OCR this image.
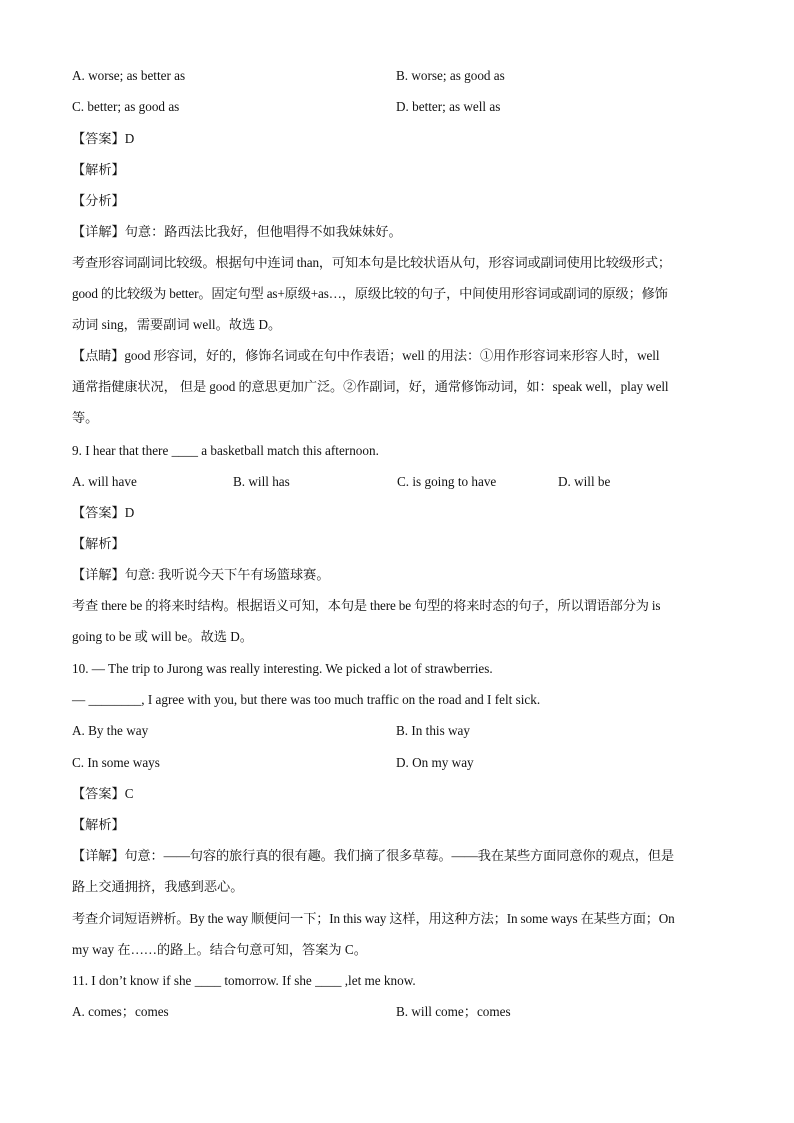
A. worse; as better as	B. worse; as good as
C. better; as good as	D. better; as well as
【答案】D
【解析】
【分析】
【详解】句意：路西法比我好，但他唱得不如我妹妹好。
考查形容词副词比较级。根据句中连词 than，可知本句是比较状语从句，形容词或副词使用比较级形式；
good 的比较级为 better。固定句型 as+原级+as…，原级比较的句子，中间使用形容词或副词的原级；修饰
动词 sing，需要副词 well。故选 D。
【点睛】good 形容词，好的，修饰名词或在句中作表语；well 的用法：①用作形容词来形容人时，well
通常指健康状况， 但是 good 的意思更加广泛。②作副词，好，通常修饰动词，如：speak well，play well
等。
9. I hear that there ____ a basketball match this afternoon.
A. will have	B. will has	C. is going to have	D. will be
【答案】D
【解析】
【详解】句意: 我听说今天下午有场篮球赛。
考查 there be 的将来时结构。根据语义可知，本句是 there be 句型的将来时态的句子，所以谓语部分为 is
going to be 或 will be。故选 D。
10. — The trip to Jurong was really interesting. We picked a lot of strawberries.
— ________, I agree with you, but there was too much traffic on the road and I felt sick.
A. By the way	B. In this way
C. In some ways	D. On my way
【答案】C
【解析】
【详解】句意：——句容的旅行真的很有趣。我们摘了很多草莓。——我在某些方面同意你的观点，但是
路上交通拥挤，我感到恶心。
考查介词短语辨析。By the way 顺便问一下；In this way 这样，用这种方法；In some ways 在某些方面；On
my way 在……的路上。结合句意可知，答案为 C。
11. I don’t know if she ____ tomorrow. If she ____ ,let me know.
A. comes；comes	B. will come；comes
